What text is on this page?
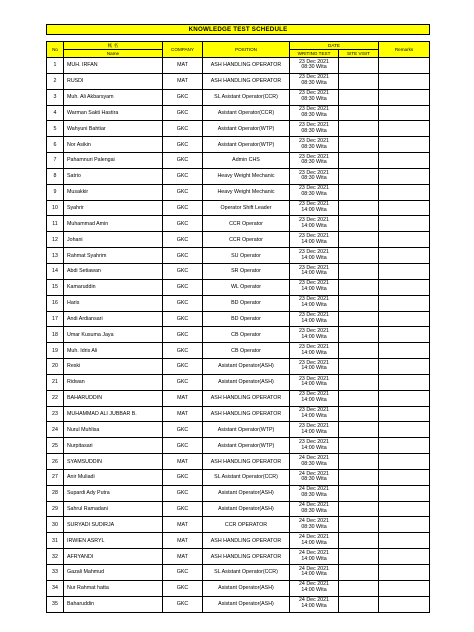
KNOWLEDGE TEST SCHEDULE						

No	帐 名	COMPANY	POSITION	DATE		Remarks
	Name			WRITING TEST	SITE VISIT	
1	MUH. IRFAN	MAT	ASH HANDLING OPERATOR	23 Dec 2021
08:30 Wita		

2	RUSDI	MAT	ASH HANDLING OPERATOR	23 Dec 2021
08:30 Wita		

3	Muh. Ali Akbarsyam	GKC	SL Asistant Operator(CCR)	23 Dec 2021
08:30 Wita		

4	Warman Sakti Hastira	GKC	Asistant Operator(CCR)	23 Dec 2021
08:30 Wita		

5	Wahyuni Bahtiar	GKC	Asistant Operator(WTP)	23 Dec 2021
08:30 Wita		

6	Nor Asikin	GKC	Asistant Operator(WTP)	23 Dec 2021
08:30 Wita		

7	Pahamnuri Palengai	GKC	Admin CHS	23 Dec 2021
08:30 Wita		

8	Satrio	GKC	Heavy Weight Mechanic	23 Dec 2021
08:30 Wita		

9	Musakkir	GKC	Heavy Weight Mechanic	23 Dec 2021
08:30 Wita		

10	Syahrir	GKC	Operator Shift Leader	23 Dec 2021
14:00 Wita		

11	Muhammad Amin	GKC	CCR Operator	23 Dec 2021
14:00 Wita		

12	Johani	GKC	CCR Operator	23 Dec 2021
14:00 Wita		

13	Rahmat Syahrim	GKC	SU Operator	23 Dec 2021
14:00 Wita		

14	Abdi Setiawan	GKC	SR Operator	23 Dec 2021
14:00 Wita		

15	Kamaruddin	GKC	WL Operator	23 Dec 2021
14:00 Wita		

16	Haris	GKC	BD Operator	23 Dec 2021
14:00 Wita		

17	Andi Ardiansari	GKC	BD Operator	23 Dec 2021
14:00 Wita		

18	Umar Kusuma Jaya	GKC	CB Operator	23 Dec 2021
14:00 Wita		

19	Muh. Idris Ali	GKC	CB Operator	23 Dec 2021
14:00 Wita		

20	Reski	GKC	Asistant Operator(ASH)	23 Dec 2021
14:00 Wita		

21	Ridwan	GKC	Asistant Operator(ASH)	23 Dec 2021
14:00 Wita		

22	BAHARUDDIN	MAT	ASH HANDLING OPERATOR	23 Dec 2021
14:00 Wita		

23	MUHAMMAD ALI JUBBAR B.	MAT	ASH HANDLING OPERATOR	23 Dec 2021
14:00 Wita		

24	Nurul Muhlisa	GKC	Asistant Operator(WTP)	23 Dec 2021
14:00 Wita		

25	Nurpitasari	GKC	Asistant Operator(WTP)	23 Dec 2021
14:00 Wita		

26	SYAMSUDDIN	MAT	ASH HANDLING OPERATOR	24 Dec 2021
08:30 Wita		

27	Anir Muliadi	GKC	SL Asistant Operator(CCR)	24 Dec 2021
08:30 Wita		

28	Supardi Ady Putra	GKC	Asistant Operator(ASH)	24 Dec 2021
08:30 Wita		

29	Sahrul Ramadani	GKC	Asistant Operator(ASH)	24 Dec 2021
08:30 Wita		

30	SURYADI SUDIRJA	MAT	CCR OPERATOR	24 Dec 2021
08:30 Wita		

31	IRWIEN ASRYL	MAT	ASH HANDLING OPERATOR	24 Dec 2021
14:00 Wita		

32	AFRYANDI	MAT	ASH HANDLING OPERATOR	24 Dec 2021
14:00 Wita		

33	Gazali Mahmud	GKC	SL Asistant Operator(CCR)	24 Dec 2021
14:00 Wita		

34	Nur Rahmat hatta	GKC	Asistant Operator(ASH)	24 Dec 2021
14:00 Wita		

35	Baharuddin	GKC	Asistant Operator(ASH)	24 Dec 2021
14:00 Wita		
